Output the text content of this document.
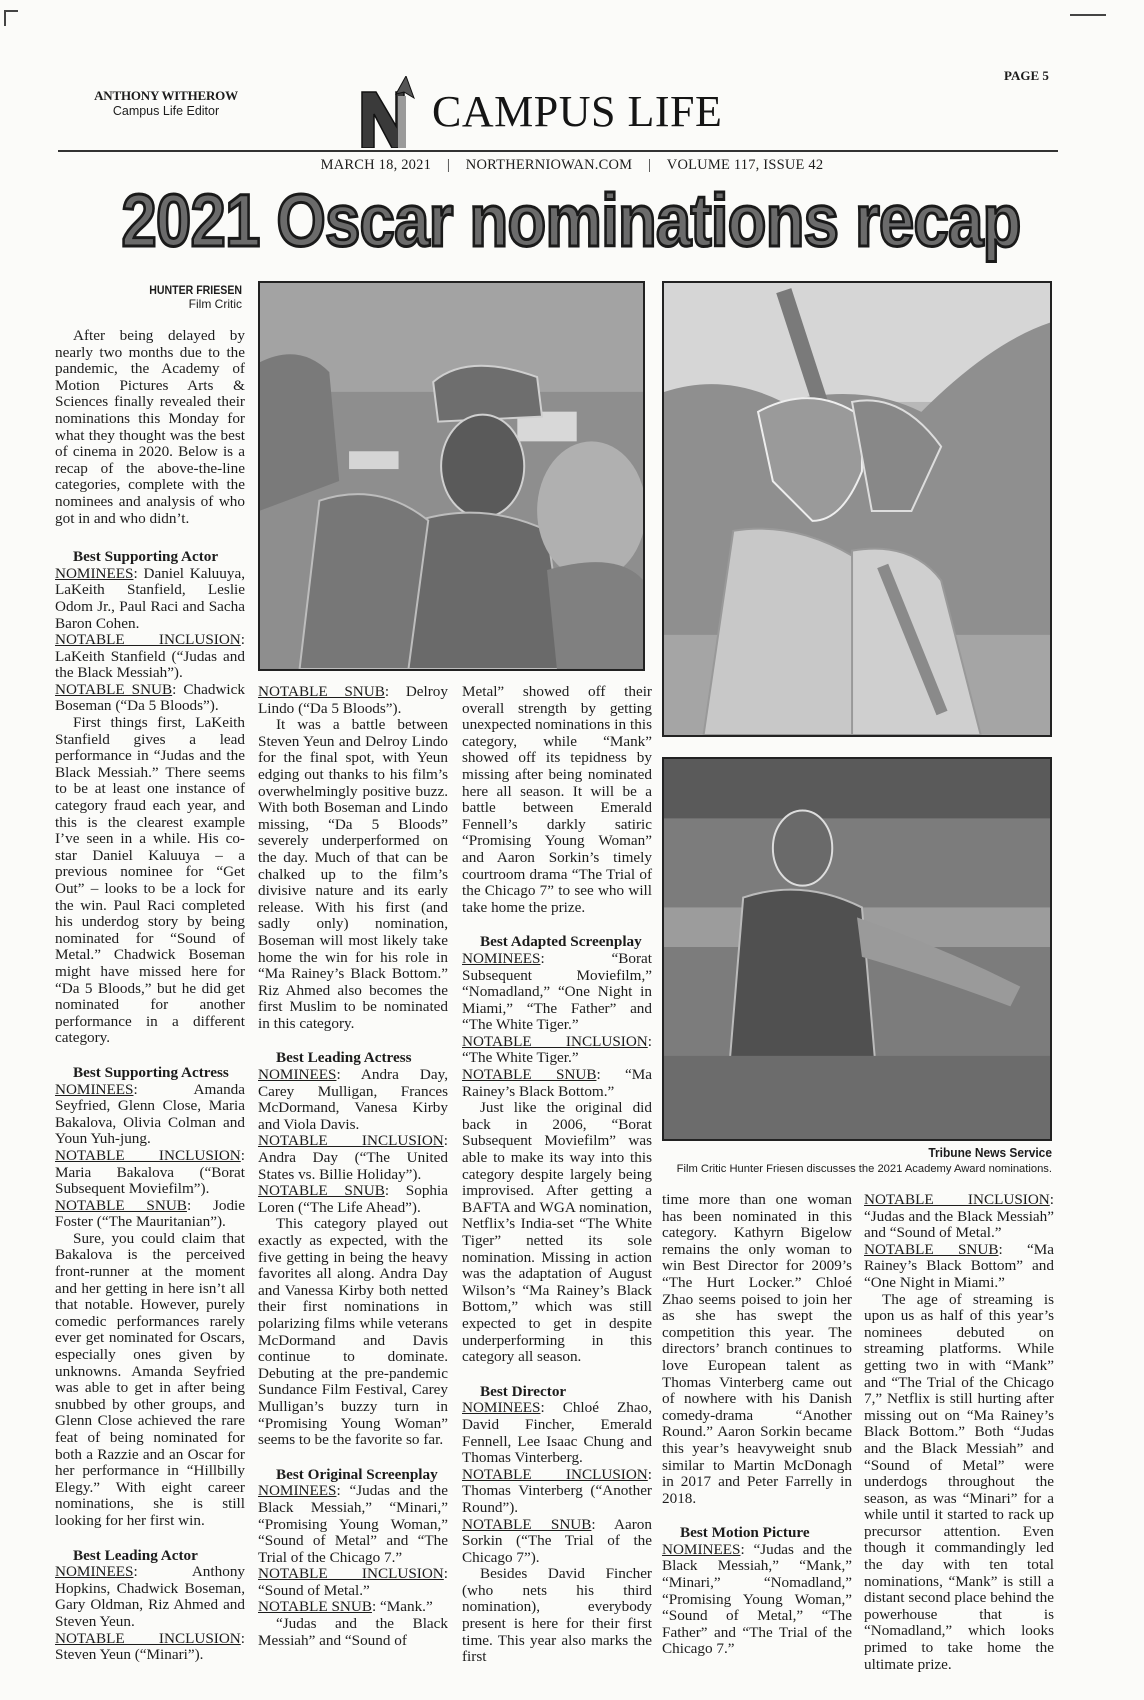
ANTHONY WITHEROW
Campus Life Editor	CAMPUS LIFE
PAGE 5
MARCH 18, 2021 | NORTHERNIOWAN.COM | VOLUME 117, ISSUE 42
2021 Oscar nominations recap
HUNTER FRIESEN
Film Critic

After being delayed by nearly two months due to the pandemic, the Academy of Motion Pictures Arts & Sciences finally revealed their nominations this Monday for what they thought was the best of cinema in 2020. Below is a recap of the above-the-line categories, complete with the nominees and analysis of who got in and who didn’t.

Best Supporting Actor

NOMINEES: Daniel Kaluuya, LaKeith Stanfield, Leslie Odom Jr., Paul Raci and Sacha Baron Cohen.

NOTABLE INCLUSION: LaKeith Stanfield (“Judas and the Black Messiah”).

NOTABLE SNUB: Chadwick Boseman (“Da 5 Bloods”).

First things first, LaKeith Stanfield gives a lead performance in “Judas and the Black Messiah.” There seems to be at least one instance of category fraud each year, and this is the clearest example I’ve seen in a while. His co-star Daniel Kaluuya – a previous nominee for “Get Out” – looks to be a lock for the win. Paul Raci completed his underdog story by being nominated for “Sound of Metal.” Chadwick Boseman might have missed here for “Da 5 Bloods,” but he did get nominated for another performance in a different category.

Best Supporting Actress

NOMINEES: Amanda Seyfried, Glenn Close, Maria Bakalova, Olivia Colman and Youn Yuh-jung.

NOTABLE INCLUSION: Maria Bakalova (“Borat Subsequent Moviefilm”).

NOTABLE SNUB: Jodie Foster (“The Mauritanian”).

Sure, you could claim that Bakalova is the perceived front-runner at the moment and her getting in here isn’t all that notable. However, purely comedic performances rarely ever get nominated for Oscars, especially ones given by unknowns. Amanda Seyfried was able to get in after being snubbed by other groups, and Glenn Close achieved the rare feat of being nominated for both a Razzie and an Oscar for her performance in “Hillbilly Elegy.” With eight career nominations, she is still looking for her first win.

Best Leading Actor

NOMINEES: Anthony Hopkins, Chadwick Boseman, Gary Oldman, Riz Ahmed and Steven Yeun.

NOTABLE INCLUSION: Steven Yeun (“Minari”).

Tribune News Service
Film Critic Hunter Friesen discusses the 2021 Academy Award nominations.

NOTABLE SNUB: Delroy Lindo (“Da 5 Bloods”).

It was a battle between Steven Yeun and Delroy Lindo for the final spot, with Yeun edging out thanks to his film’s overwhelmingly positive buzz. With both Boseman and Lindo missing, “Da 5 Bloods” severely underperformed on the day. Much of that can be chalked up to the film’s divisive nature and its early release. With his first (and sadly only) nomination, Boseman will most likely take home the win for his role in “Ma Rainey’s Black Bottom.” Riz Ahmed also becomes the first Muslim to be nominated in this category.

Best Leading Actress

NOMINEES: Andra Day, Carey Mulligan, Frances McDormand, Vanesa Kirby and Viola Davis.

NOTABLE INCLUSION: Andra Day (“The United States vs. Billie Holiday”).

NOTABLE SNUB: Sophia Loren (“The Life Ahead”).

This category played out exactly as expected, with the five getting in being the heavy favorites all along. Andra Day and Vanessa Kirby both netted their first nominations in polarizing films while veterans McDormand and Davis continue to dominate. Debuting at the pre-pandemic Sundance Film Festival, Carey Mulligan’s buzzy turn in “Promising Young Woman” seems to be the favorite so far.

Best Original Screenplay

NOMINEES: “Judas and the Black Messiah,” “Minari,” “Promising Young Woman,” “Sound of Metal” and “The Trial of the Chicago 7.”

NOTABLE INCLUSION: “Sound of Metal.”

NOTABLE SNUB: “Mank.”

“Judas and the Black Messiah” and “Sound of

Metal” showed off their overall strength by getting unexpected nominations in this category, while “Mank” showed off its tepidness by missing after being nominated here all season. It will be a battle between Emerald Fennell’s darkly satiric “Promising Young Woman” and Aaron Sorkin’s timely courtroom drama “The Trial of the Chicago 7” to see who will take home the prize.

Best Adapted Screenplay

NOMINEES: “Borat Subsequent Moviefilm,” “Nomadland,” “One Night in Miami,” “The Father” and “The White Tiger.”

NOTABLE INCLUSION: “The White Tiger.”

NOTABLE SNUB: “Ma Rainey’s Black Bottom.”

Just like the original did back in 2006, “Borat Subsequent Moviefilm” was able to make its way into this category despite largely being improvised. After getting a BAFTA and WGA nomination, Netflix’s India-set “The White Tiger” netted its sole nomination. Missing in action was the adaptation of August Wilson’s “Ma Rainey’s Black Bottom,” which was still expected to get in despite underperforming in this category all season.

Best Director

NOMINEES: Chloé Zhao, David Fincher, Emerald Fennell, Lee Isaac Chung and Thomas Vinterberg.

NOTABLE INCLUSION: Thomas Vinterberg (“Another Round”).

NOTABLE SNUB: Aaron Sorkin (“The Trial of the Chicago 7”).

Besides David Fincher (who nets his third nomination), everybody present is here for their first time. This year also marks the first

time more than one woman has been nominated in this category. Kathyrn Bigelow remains the only woman to win Best Director for 2009’s “The Hurt Locker.” Chloé Zhao seems poised to join her as she has swept the competition this year. The directors’ branch continues to love European talent as Thomas Vinterberg came out of nowhere with his Danish comedy-drama “Another Round.” Aaron Sorkin became this year’s heavyweight snub similar to Martin McDonagh in 2017 and Peter Farrelly in 2018.

Best Motion Picture

NOMINEES: “Judas and the Black Messiah,” “Mank,” “Minari,” “Nomadland,” “Promising Young Woman,” “Sound of Metal,” “The Father” and “The Trial of the Chicago 7.”

NOTABLE INCLUSION: “Judas and the Black Messiah” and “Sound of Metal.”

NOTABLE SNUB: “Ma Rainey’s Black Bottom” and “One Night in Miami.”

The age of streaming is upon us as half of this year’s nominees debuted on streaming platforms. While getting two in with “Mank” and “The Trial of the Chicago 7,” Netflix is still hurting after missing out on “Ma Rainey’s Black Bottom.” Both “Judas and the Black Messiah” and “Sound of Metal” were underdogs throughout the season, as was “Minari” for a while until it started to rack up precursor attention. Even though it commandingly led the day with ten total nominations, “Mank” is still a distant second place behind the powerhouse that is “Nomadland,” which looks primed to take home the ultimate prize.
